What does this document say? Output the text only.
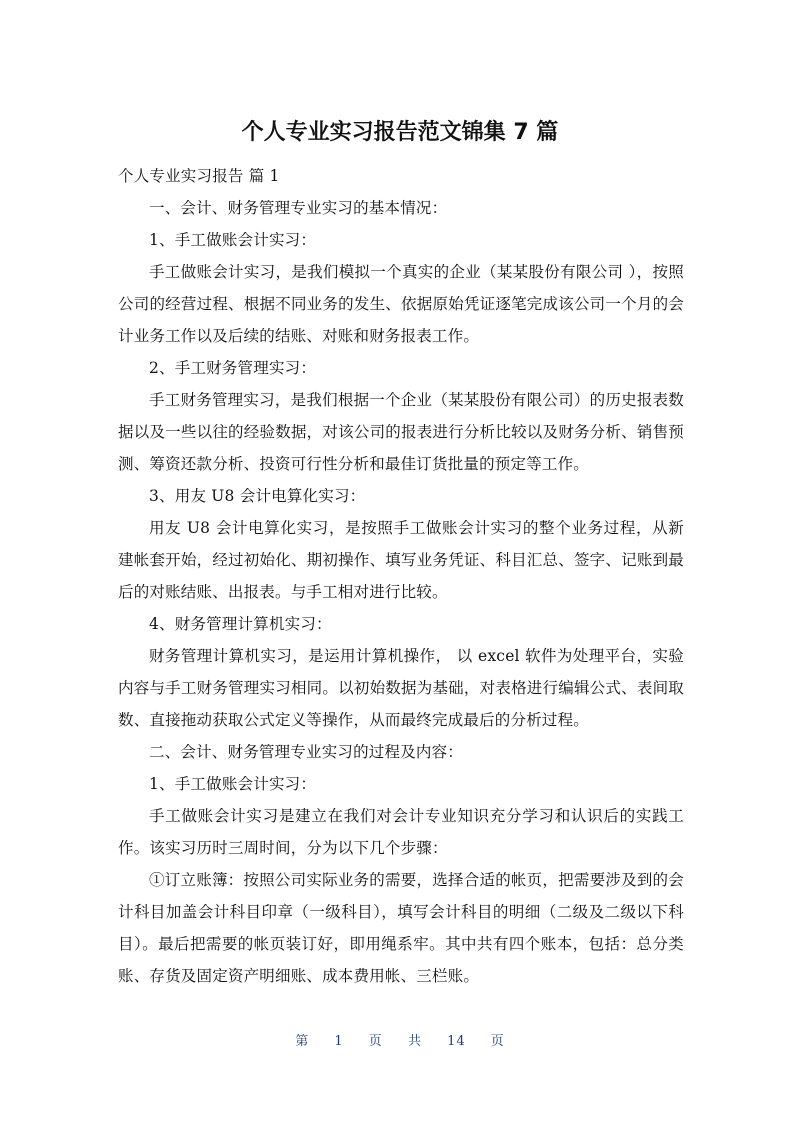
个人专业实习报告范文锦集 7 篇

个人专业实习报告 篇 1

一、会计、财务管理专业实习的基本情况：

1、手工做账会计实习：

手工做账会计实习，是我们模拟一个真实的企业（某某股份有限公司 ），按照公司的经营过程、根据不同业务的发生、依据原始凭证逐笔完成该公司一个月的会计业务工作以及后续的结账、对账和财务报表工作。

2、手工财务管理实习：

手工财务管理实习，是我们根据一个企业（某某股份有限公司）的历史报表数据以及一些以往的经验数据，对该公司的报表进行分析比较以及财务分析、销售预测、筹资还款分析、投资可行性分析和最佳订货批量的预定等工作。

3、用友 U8 会计电算化实习：

用友 U8 会计电算化实习，是按照手工做账会计实习的整个业务过程，从新建帐套开始，经过初始化、期初操作、填写业务凭证、科目汇总、签字、记账到最后的对账结账、出报表。与手工相对进行比较。

4、财务管理计算机实习：

财务管理计算机实习，是运用计算机操作， 以 excel 软件为处理平台，实验内容与手工财务管理实习相同。以初始数据为基础，对表格进行编辑公式、表间取数、直接拖动获取公式定义等操作，从而最终完成最后的分析过程。

二、会计、财务管理专业实习的过程及内容：

1、手工做账会计实习：

手工做账会计实习是建立在我们对会计专业知识充分学习和认识后的实践工作。该实习历时三周时间，分为以下几个步骤：

①订立账簿：按照公司实际业务的需要，选择合适的帐页，把需要涉及到的会计科目加盖会计科目印章（一级科目），填写会计科目的明细（二级及二级以下科目）。最后把需要的帐页装订好，即用绳系牢。其中共有四个账本，包括：总分类账、存货及固定资产明细账、成本费用帐、三栏账。

第 1 页 共 14 页
